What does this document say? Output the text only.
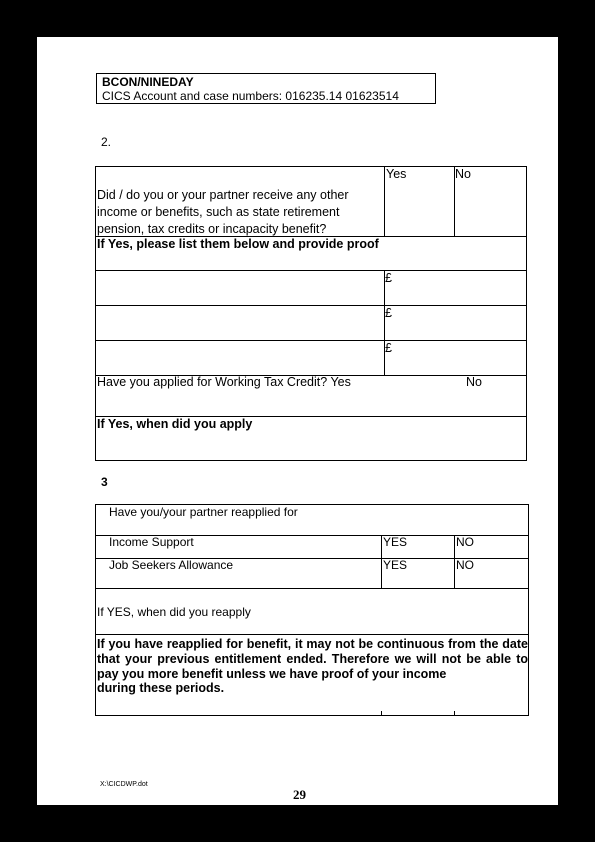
BCON/NINEDAY
CICS Account and case numbers: 016235.14 01623514
2.
Yes	No
Did / do you or your partner receive any other
income or benefits, such as state retirement
pension, tax credits or incapacity benefit?
If Yes, please list them below and provide proof
£
£
£
Have you applied for Working Tax Credit? Yes	No
If Yes, when did you apply
3
Have you/your partner reapplied for
Income Support	YES	NO
Job Seekers Allowance	YES	NO
If YES, when did you reapply
If you have reapplied for benefit, it may not be continuous from the date
that your previous entitlement ended. Therefore we will not be able to
pay you more benefit unless we have proof of your income
during these periods.
X:\CICDWP.dot
29
